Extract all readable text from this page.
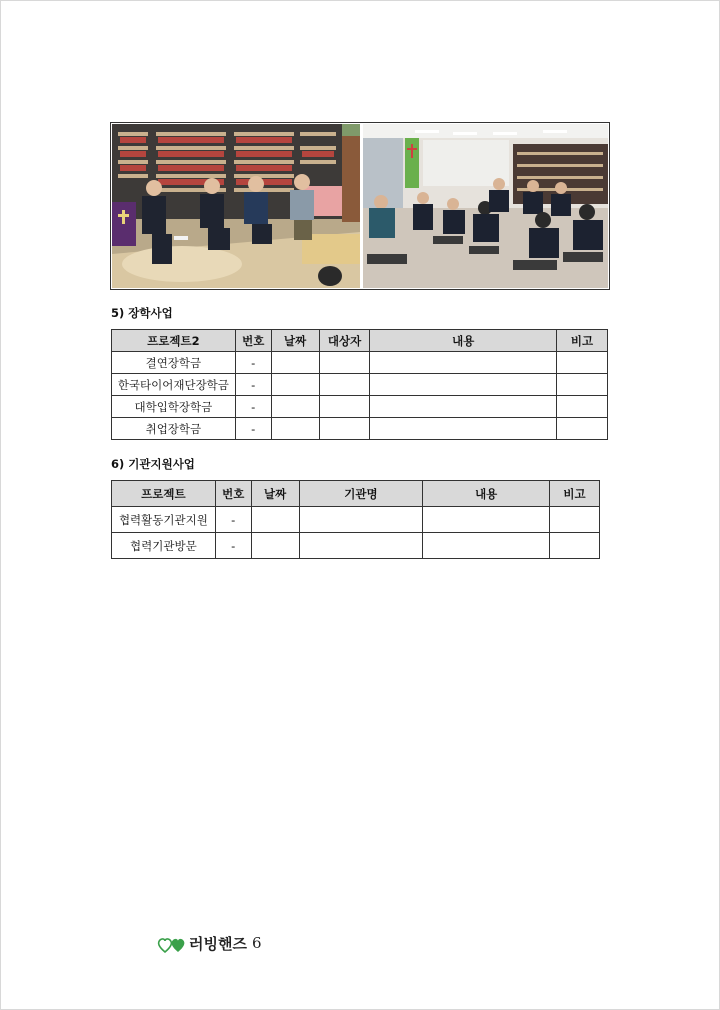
5) 장학사업
프로젝트2	번호	날짜	대상자	내용	비고
결연장학금	-				
한국타이어재단장학금	-				
대학입학장학금	-				
취업장학금	-				
6) 기관지원사업
프로젝트	번호	날짜	기관명	내용	비고
협력활동기관지원	-				
협력기관방문	-				
러빙핸즈 6
